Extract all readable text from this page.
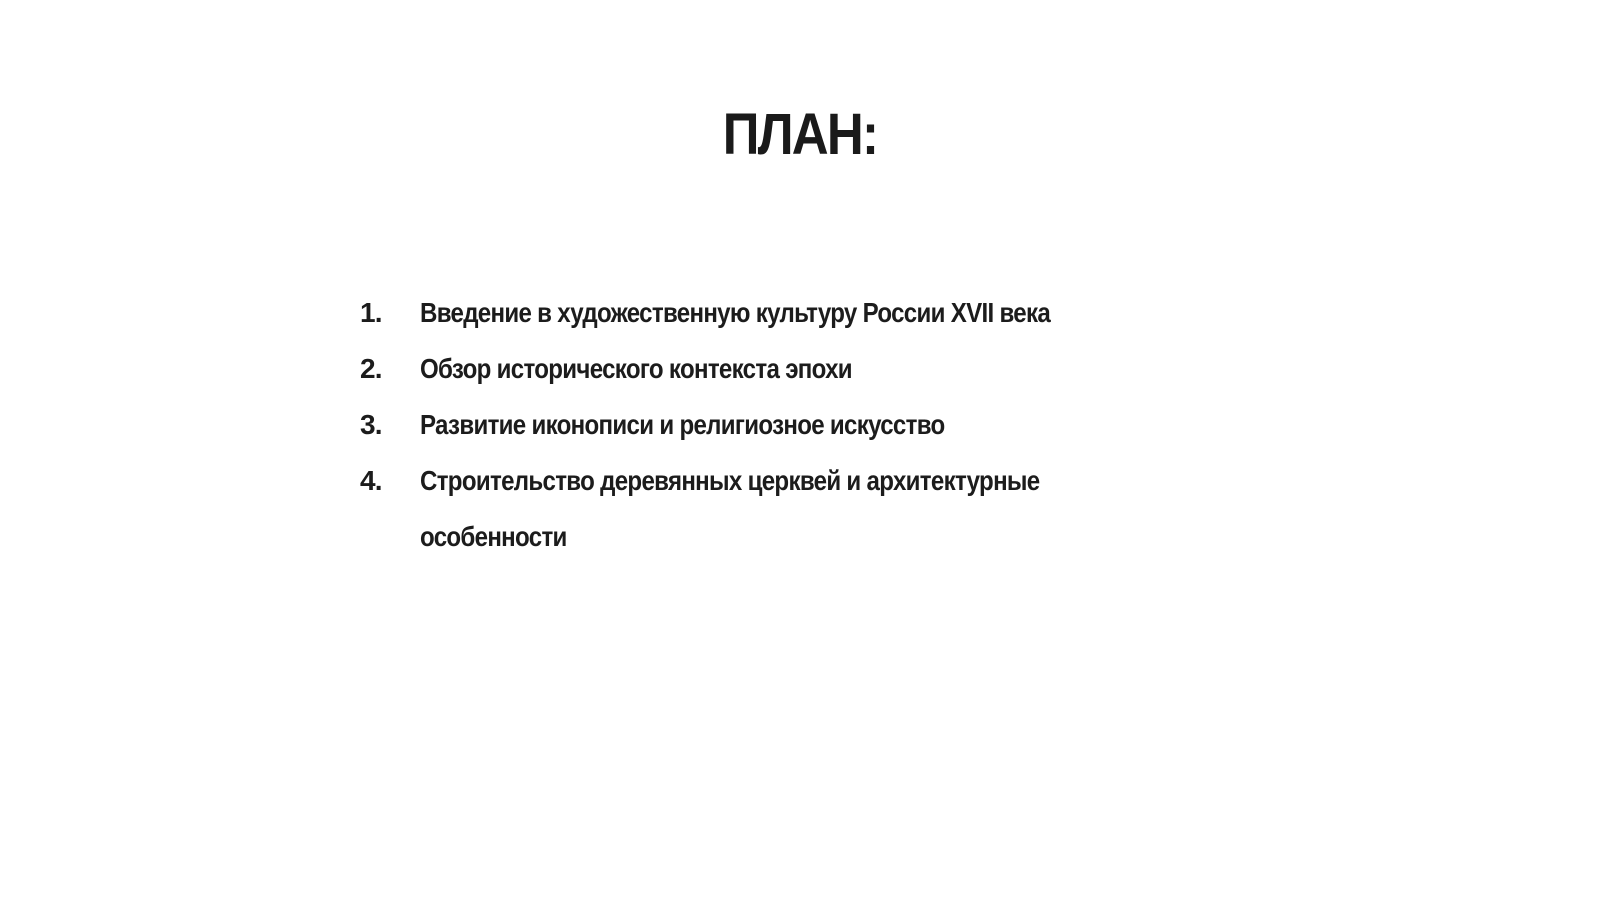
ПЛАН:
1. Введение в художественную культуру России XVII века
2. Обзор исторического контекста эпохи
3. Развитие иконописи и религиозное искусство
4. Строительство деревянных церквей и архитектурные особенности
